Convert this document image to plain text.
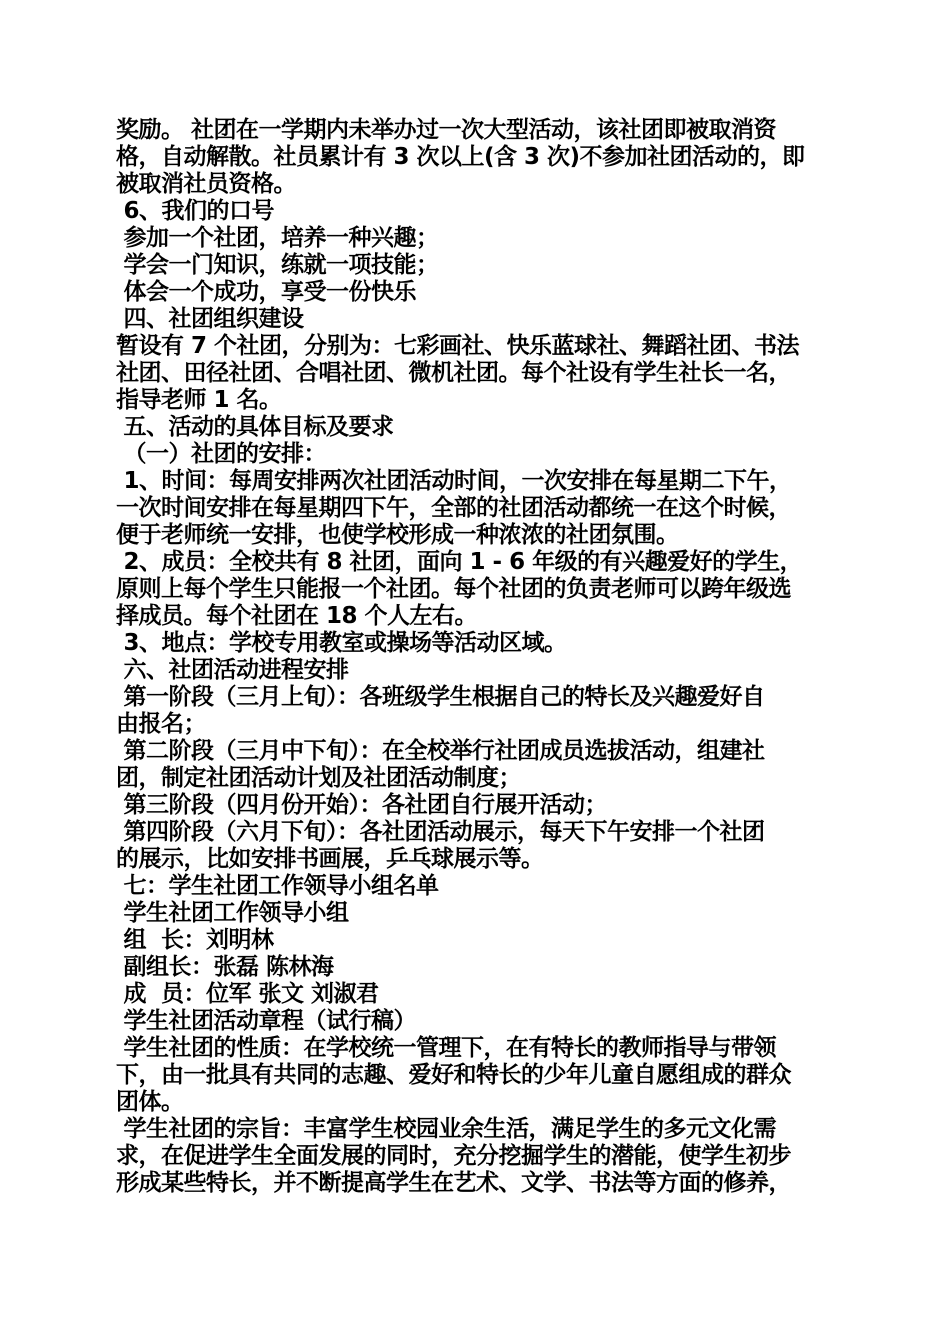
奖励。 社团在一学期内未举办过一次大型活动，该社团即被取消资
格，自动解散。社员累计有 3 次以上(含 3 次)不参加社团活动的，即
被取消社员资格。
6、我们的口号
参加一个社团，培养一种兴趣；
学会一门知识，练就一项技能；
体会一个成功，享受一份快乐
四、社团组织建设
暂设有 7 个社团，分别为：七彩画社、快乐蓝球社、舞蹈社团、书法
社团、田径社团、合唱社团、微机社团。每个社设有学生社长一名，
指导老师 1 名。
五、活动的具体目标及要求
（一）社团的安排：
1、时间：每周安排两次社团活动时间，一次安排在每星期二下午，
一次时间安排在每星期四下午，全部的社团活动都统一在这个时候，
便于老师统一安排，也使学校形成一种浓浓的社团氛围。
2、成员：全校共有 8 社团，面向 1 - 6 年级的有兴趣爱好的学生，
原则上每个学生只能报一个社团。每个社团的负责老师可以跨年级选
择成员。每个社团在 18 个人左右。
3、地点：学校专用教室或操场等活动区域。
六、社团活动进程安排
第一阶段（三月上旬）：各班级学生根据自己的特长及兴趣爱好自
由报名；
第二阶段（三月中下旬）：在全校举行社团成员选拔活动，组建社
团，制定社团活动计划及社团活动制度；
第三阶段（四月份开始）：各社团自行展开活动；
第四阶段（六月下旬）：各社团活动展示，每天下午安排一个社团
的展示，比如安排书画展，乒乓球展示等。
七：学生社团工作领导小组名单
学生社团工作领导小组
组  长：刘明林
副组长：张磊 陈林海
成  员：位军 张文 刘淑君
学生社团活动章程（试行稿）
学生社团的性质：在学校统一管理下，在有特长的教师指导与带领
下，由一批具有共同的志趣、爱好和特长的少年儿童自愿组成的群众
团体。
学生社团的宗旨：丰富学生校园业余生活，满足学生的多元文化需
求，在促进学生全面发展的同时，充分挖掘学生的潜能，使学生初步
形成某些特长，并不断提高学生在艺术、文学、书法等方面的修养，
